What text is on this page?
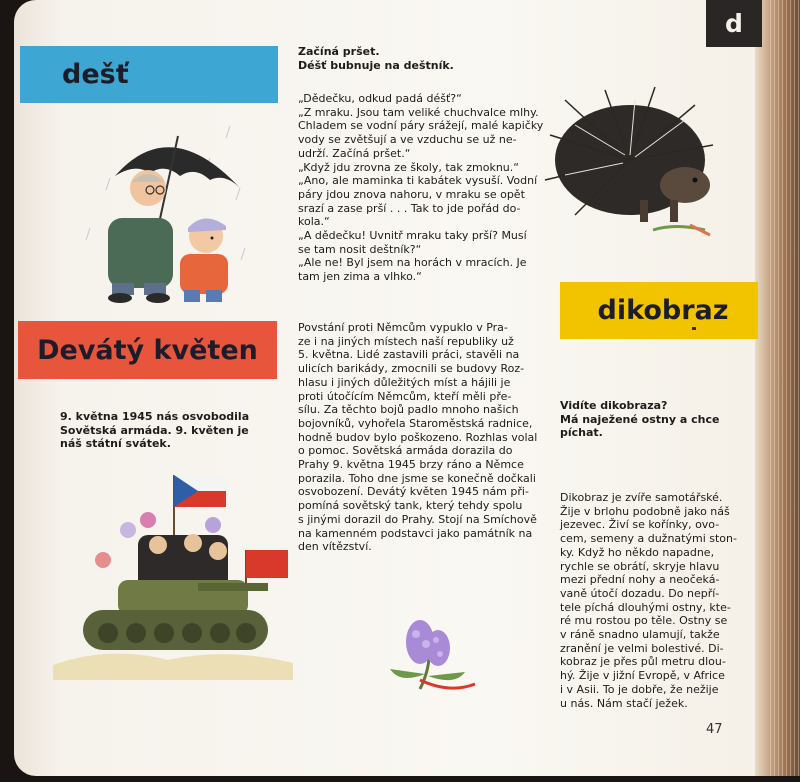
d
dešť

Začíná pršet.

Déšť bubnuje na deštník.

„Dědečku, odkud padá déšť?“

„Z mraku. Jsou tam veliké chuchvalce mlhy.

Chladem se vodní páry srážejí, malé kapičky

vody se zvětšují a ve vzduchu se už ne-

udrží. Začíná pršet.“

„Když jdu zrovna ze školy, tak zmoknu.“

„Ano, ale maminka ti kabátek vysuší. Vodní

páry jdou znova nahoru, v mraku se opět

srazí a zase prší . . . Tak to jde pořád do-

kola.“

„A dědečku! Uvnitř mraku taky prší? Musí

se tam nosit deštník?“

„Ale ne! Byl jsem na horách v mracích. Je

tam jen zima a vlhko.“

Devátý květen

9. května 1945 nás osvobodila

Sovětská armáda. 9. květen je

náš státní svátek.

Povstání proti Němcům vypuklo v Pra-

ze i na jiných místech naší republiky už

5. května. Lidé zastavili práci, stavěli na

ulicích barikády, zmocnili se budovy Roz-

hlasu i jiných důležitých míst a hájili je

proti útočícím Němcům, kteří měli pře-

sílu. Za těchto bojů padlo mnoho našich

bojovníků, vyhořela Staroměstská radnice,

hodně budov bylo poškozeno. Rozhlas volal

o pomoc. Sovětská armáda dorazila do

Prahy 9. května 1945 brzy ráno a Němce

porazila. Toho dne jsme se konečně dočkali

osvobození. Devátý květen 1945 nám při-

pomíná sovětský tank, který tehdy spolu

s jinými dorazil do Prahy. Stojí na Smíchově

na kamenném podstavci jako památník na

den vítězství.

dikobraz

Vidíte dikobraza?

Má naježené ostny a chce

píchat.

Dikobraz je zvíře samotářské.

Žije v brlohu podobně jako náš

jezevec. Živí se kořínky, ovo-

cem, semeny a dužnatými ston-

ky. Když ho někdo napadne,

rychle se obrátí, skryje hlavu

mezi přední nohy a neočeká-

vaně útočí dozadu. Do nepří-

tele píchá dlouhými ostny, kte-

ré mu rostou po těle. Ostny se

v ráně snadno ulamují, takže

zranění je velmi bolestivé. Di-

kobraz je přes půl metru dlou-

hý. Žije v jižní Evropě, v Africe

i v Asii. To je dobře, že nežije

u nás. Nám stačí ježek.

47
